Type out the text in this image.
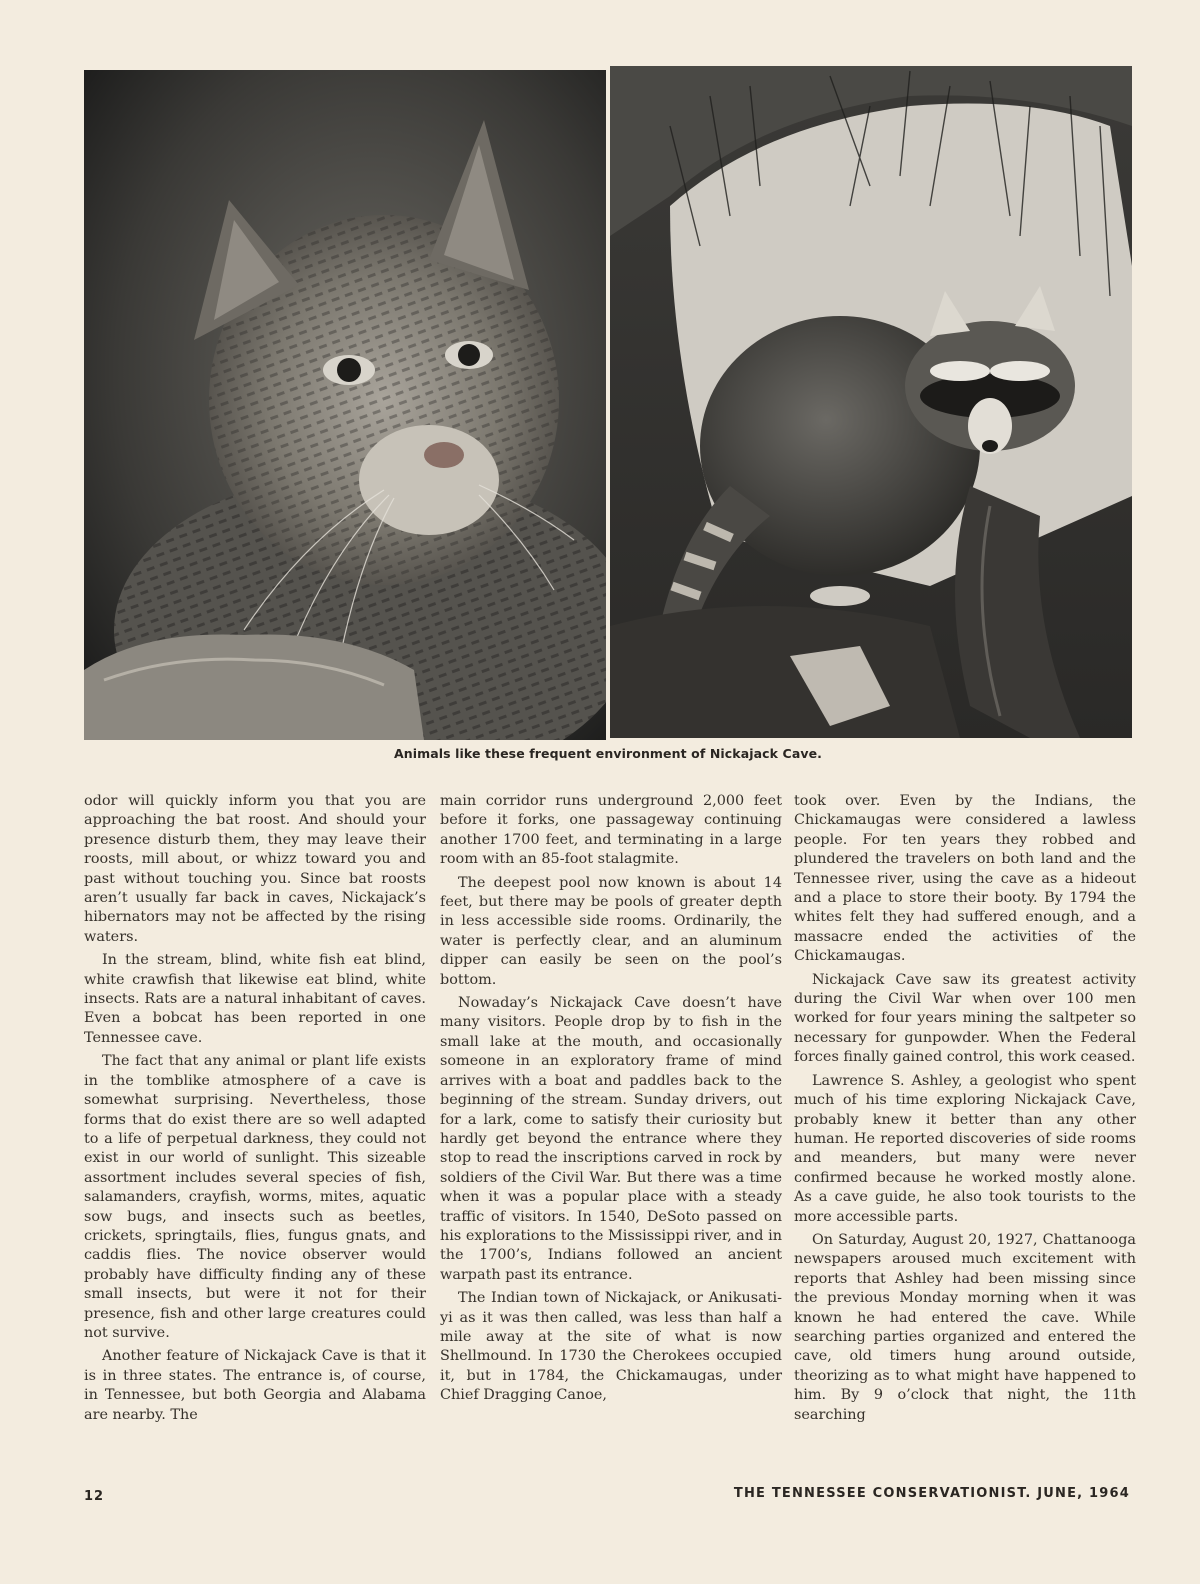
Animals like these frequent environment of Nickajack Cave.

odor will quickly inform you that you are approaching the bat roost. And should your presence disturb them, they may leave their roosts, mill about, or whizz toward you and past without touching you. Since bat roosts aren’t usually far back in caves, Nickajack’s hibernators may not be affected by the rising waters.

In the stream, blind, white fish eat blind, white crawfish that likewise eat blind, white insects. Rats are a natural inhabitant of caves. Even a bobcat has been reported in one Tennessee cave.

The fact that any animal or plant life exists in the tomblike atmosphere of a cave is somewhat surprising. Nevertheless, those forms that do exist there are so well adapted to a life of perpetual darkness, they could not exist in our world of sunlight. This sizeable assortment includes several species of fish, salamanders, crayfish, worms, mites, aquatic sow bugs, and insects such as beetles, crickets, springtails, flies, fungus gnats, and caddis flies. The novice observer would probably have difficulty finding any of these small insects, but were it not for their presence, fish and other large creatures could not survive.

Another feature of Nickajack Cave is that it is in three states. The entrance is, of course, in Tennessee, but both Georgia and Alabama are nearby. The

main corridor runs underground 2,000 feet before it forks, one passageway continuing another 1700 feet, and terminating in a large room with an 85-foot stalagmite.

The deepest pool now known is about 14 feet, but there may be pools of greater depth in less accessible side rooms. Ordinarily, the water is perfectly clear, and an aluminum dipper can easily be seen on the pool’s bottom.

Nowaday’s Nickajack Cave doesn’t have many visitors. People drop by to fish in the small lake at the mouth, and occasionally someone in an exploratory frame of mind arrives with a boat and paddles back to the beginning of the stream. Sunday drivers, out for a lark, come to satisfy their curiosity but hardly get beyond the entrance where they stop to read the inscriptions carved in rock by soldiers of the Civil War. But there was a time when it was a popular place with a steady traffic of visitors. In 1540, DeSoto passed on his explorations to the Mississippi river, and in the 1700’s, Indians followed an ancient warpath past its entrance.

The Indian town of Nickajack, or Anikusati-yi as it was then called, was less than half a mile away at the site of what is now Shellmound. In 1730 the Cherokees occupied it, but in 1784, the Chickamaugas, under Chief Dragging Canoe,

took over. Even by the Indians, the Chickamaugas were considered a lawless people. For ten years they robbed and plundered the travelers on both land and the Tennessee river, using the cave as a hideout and a place to store their booty. By 1794 the whites felt they had suffered enough, and a massacre ended the activities of the Chickamaugas.

Nickajack Cave saw its greatest activity during the Civil War when over 100 men worked for four years mining the saltpeter so necessary for gunpowder. When the Federal forces finally gained control, this work ceased.

Lawrence S. Ashley, a geologist who spent much of his time exploring Nickajack Cave, probably knew it better than any other human. He reported discoveries of side rooms and meanders, but many were never confirmed because he worked mostly alone. As a cave guide, he also took tourists to the more accessible parts.

On Saturday, August 20, 1927, Chattanooga newspapers aroused much excitement with reports that Ashley had been missing since the previous Monday morning when it was known he had entered the cave. While searching parties organized and entered the cave, old timers hung around outside, theorizing as to what might have happened to him. By 9 o’clock that night, the 11th searching

12	THE TENNESSEE CONSERVATIONIST. JUNE, 1964
